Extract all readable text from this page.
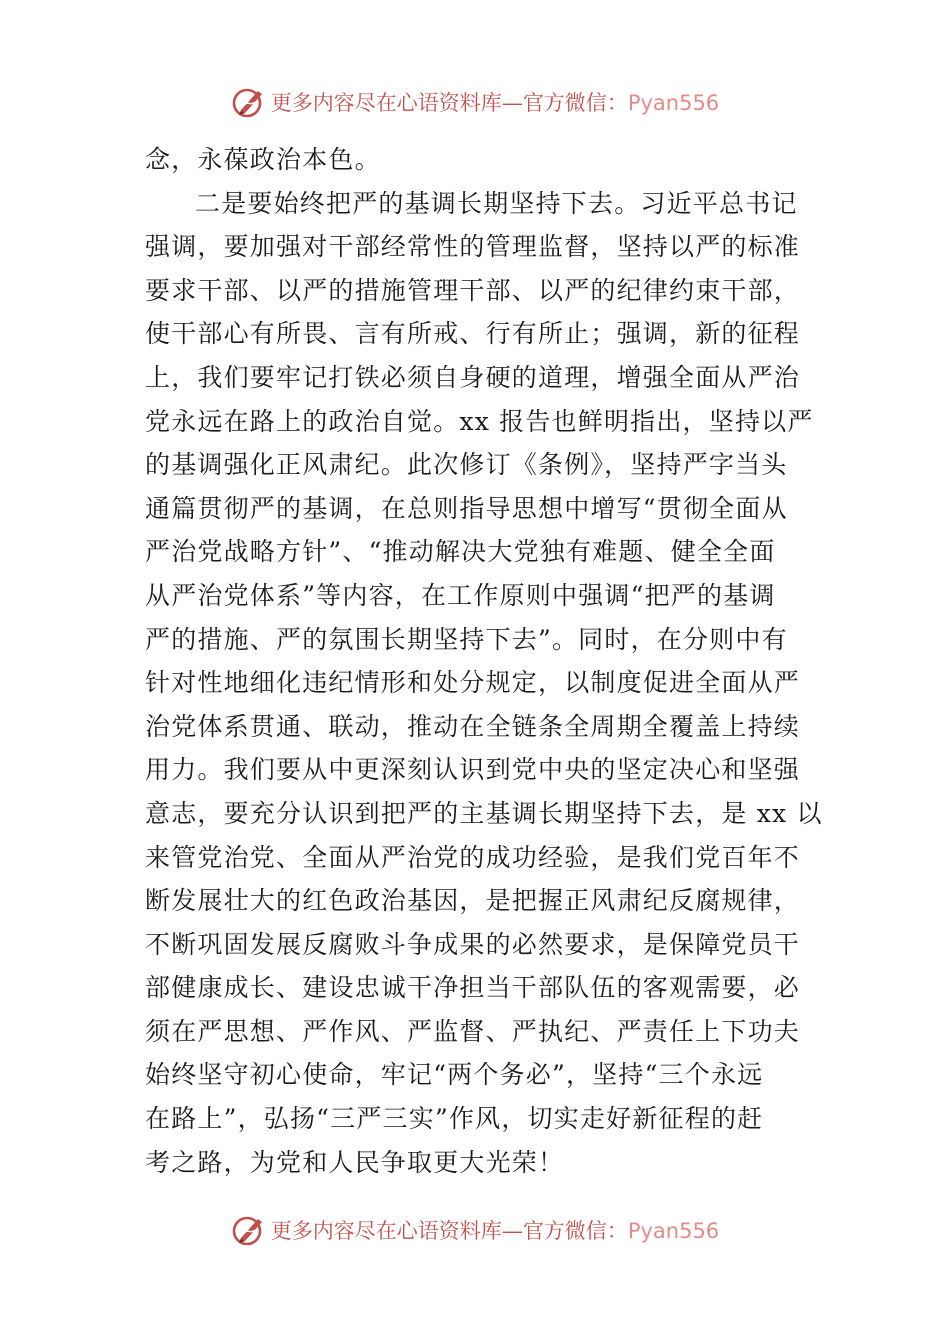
更多内容尽在心语资料库—官方微信：Pyan556
念，永葆政治本色。
二是要始终把严的基调长期坚持下去。习近平总书记
强调，要加强对干部经常性的管理监督，坚持以严的标准
要求干部、以严的措施管理干部、以严的纪律约束干部，
使干部心有所畏、言有所戒、行有所止；强调，新的征程
上，我们要牢记打铁必须自身硬的道理，增强全面从严治
党永远在路上的政治自觉。xx 报告也鲜明指出，坚持以严
的基调强化正风肃纪。此次修订《条例》，坚持严字当头
通篇贯彻严的基调，在总则指导思想中增写“贯彻全面从
严治党战略方针”、“推动解决大党独有难题、健全全面
从严治党体系”等内容，在工作原则中强调“把严的基调
严的措施、严的氛围长期坚持下去”。同时，在分则中有
针对性地细化违纪情形和处分规定，以制度促进全面从严
治党体系贯通、联动，推动在全链条全周期全覆盖上持续
用力。我们要从中更深刻认识到党中央的坚定决心和坚强
意志，要充分认识到把严的主基调长期坚持下去，是 xx 以
来管党治党、全面从严治党的成功经验，是我们党百年不
断发展壮大的红色政治基因，是把握正风肃纪反腐规律，
不断巩固发展反腐败斗争成果的必然要求，是保障党员干
部健康成长、建设忠诚干净担当干部队伍的客观需要，必
须在严思想、严作风、严监督、严执纪、严责任上下功夫
始终坚守初心使命，牢记“两个务必”，坚持“三个永远
在路上”，弘扬“三严三实”作风，切实走好新征程的赶
考之路，为党和人民争取更大光荣！
更多内容尽在心语资料库—官方微信：Pyan556
